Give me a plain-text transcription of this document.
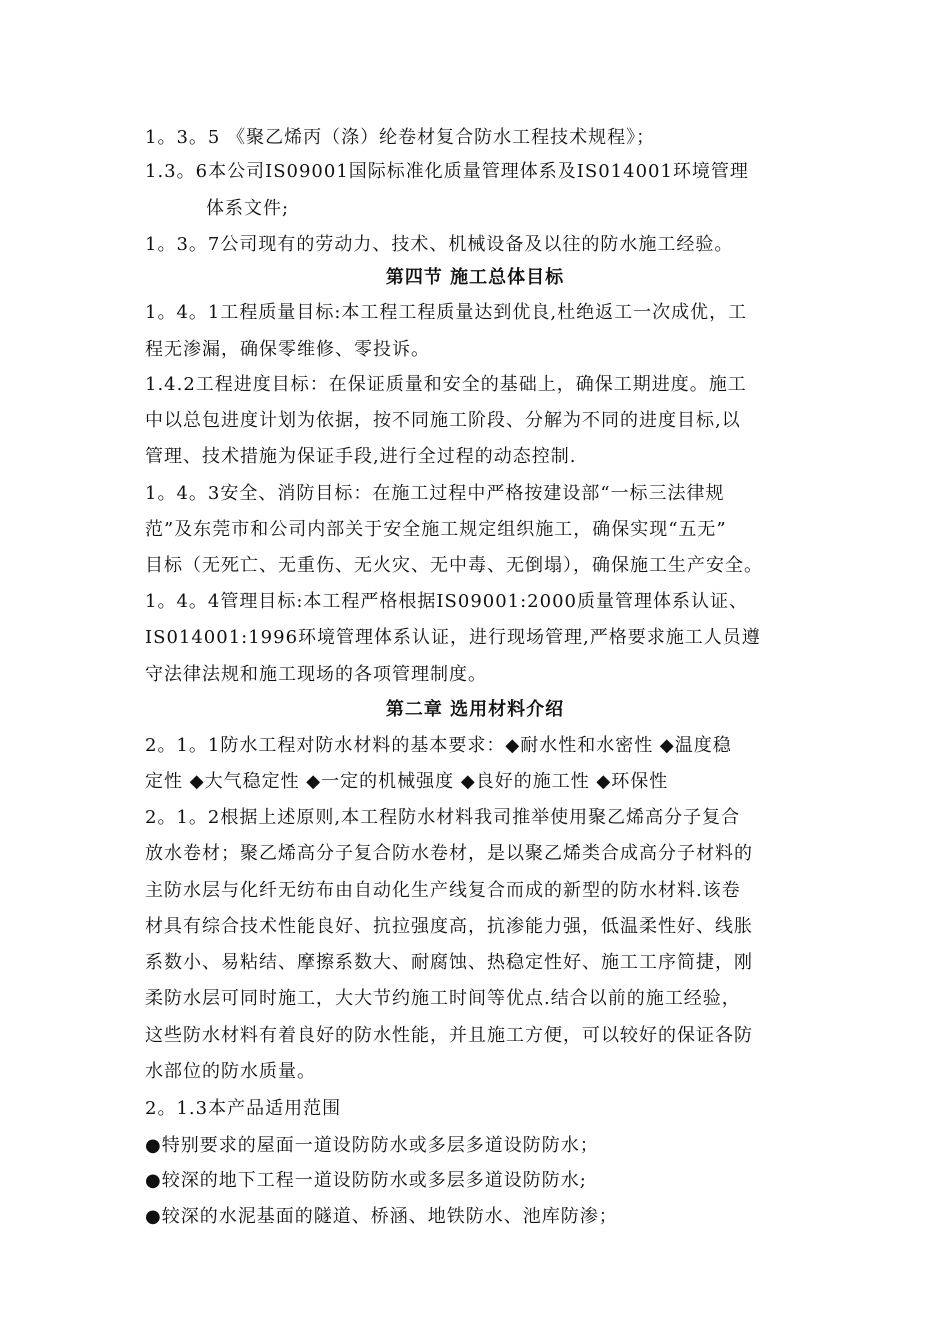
1。3。5 《聚乙烯丙（涤）纶卷材复合防水工程技术规程》；
1.3。6本公司IS09001国际标准化质量管理体系及IS014001环境管理
体系文件;
1。3。7公司现有的劳动力、技术、机械设备及以往的防水施工经验。
第四节 施工总体目标
1。4。1工程质量目标:本工程工程质量达到优良,杜绝返工一次成优，工
程无渗漏，确保零维修、零投诉。
1.4.2工程进度目标：在保证质量和安全的基础上，确保工期进度。施工
中以总包进度计划为依据，按不同施工阶段、分解为不同的进度目标,以
管理、技术措施为保证手段,进行全过程的动态控制.
1。4。3安全、消防目标：在施工过程中严格按建设部“一标三法律规
范”及东莞市和公司内部关于安全施工规定组织施工，确保实现“五无”
目标（无死亡、无重伤、无火灾、无中毒、无倒塌），确保施工生产安全。
1。4。4管理目标:本工程严格根据IS09001:2000质量管理体系认证、
IS014001:1996环境管理体系认证，进行现场管理,严格要求施工人员遵
守法律法规和施工现场的各项管理制度。
第二章 选用材料介绍
2。1。1防水工程对防水材料的基本要求：◆耐水性和水密性 ◆温度稳
定性 ◆大气稳定性 ◆一定的机械强度 ◆良好的施工性 ◆环保性
2。1。2根据上述原则,本工程防水材料我司推举使用聚乙烯高分子复合
放水卷材；聚乙烯高分子复合防水卷材，是以聚乙烯类合成高分子材料的
主防水层与化纤无纺布由自动化生产线复合而成的新型的防水材料.该卷
材具有综合技术性能良好、抗拉强度高，抗渗能力强，低温柔性好、线胀
系数小、易粘结、摩擦系数大、耐腐蚀、热稳定性好、施工工序简捷，刚
柔防水层可同时施工，大大节约施工时间等优点.结合以前的施工经验，
这些防水材料有着良好的防水性能，并且施工方便，可以较好的保证各防
水部位的防水质量。
2。1.3本产品适用范围
●特别要求的屋面一道设防防水或多层多道设防防水；
●较深的地下工程一道设防防水或多层多道设防防水;
●较深的水泥基面的隧道、桥涵、地铁防水、池库防渗；
